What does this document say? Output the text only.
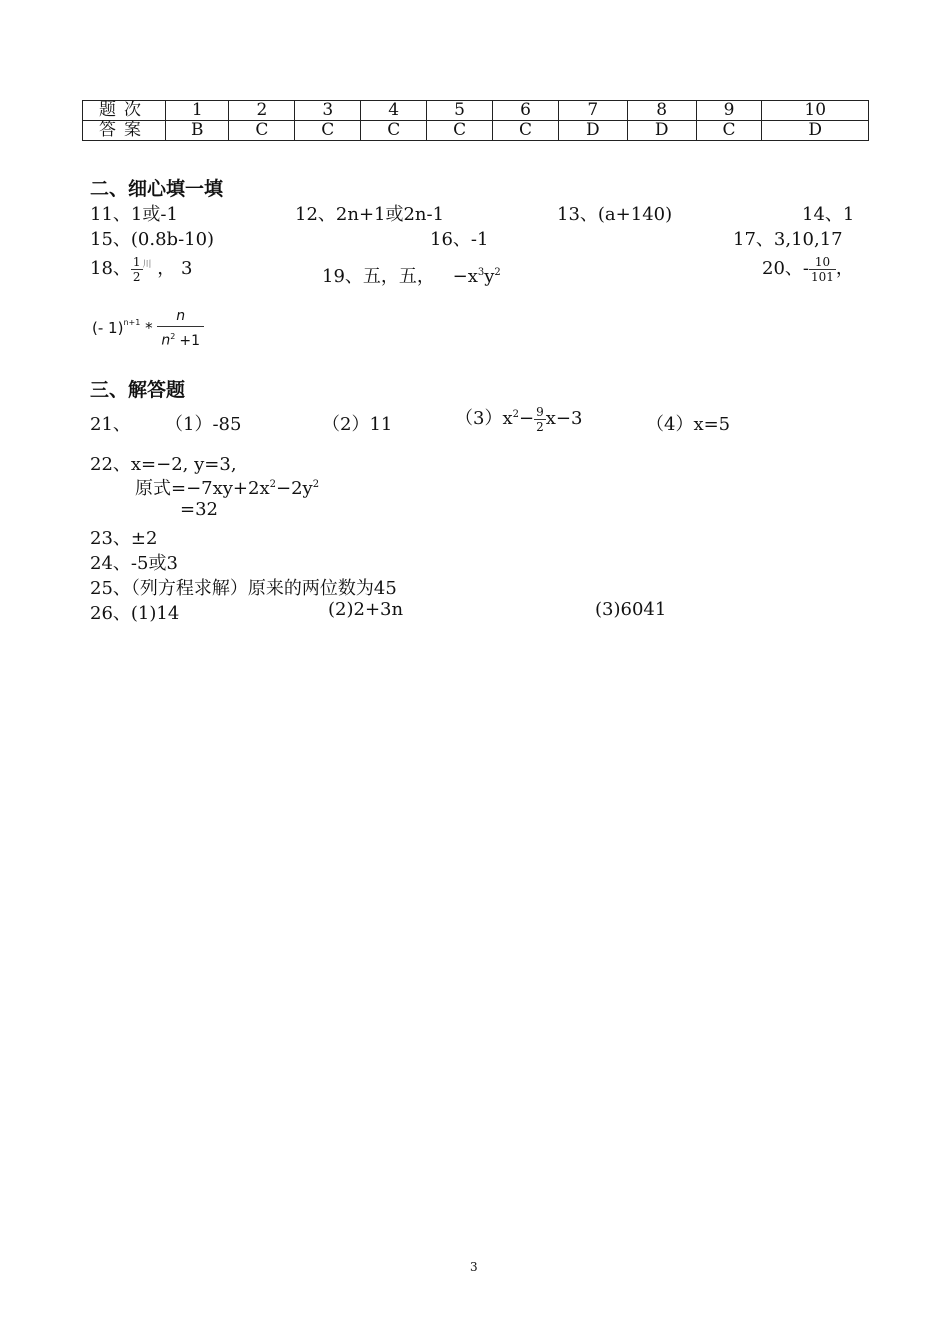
题次	1	2	3	4	5	6	7	8	9	10
答案	B	C	C	C	C	C	D	D	C	D
二、细心填一填
11、1或-1	12、2n+1或2n-1	13、(a+140)	14、1
15、(0.8b-10)	16、-1	17、3,10,17
18、 $\frac{1}{2} ^川$ ， 3	19、五，五， $-x^3y^2$	20、- $\frac{10}{101}$ ，
(- $1)^{n+1} * \frac{n}{n^2 +1}$
三、解答题
21、 （1）-85	（2）11	$(3)x^2- \frac{9}{2} x-3$	（4）x=5
22、x=−2, y=3,
原式$=-7xy+2x^2-2y^2$
=32
23、±2
24、-5或3
25、（列方程求解）原来的两位数为45
26、(1)14	(2)2+3n	(3)6041
3
